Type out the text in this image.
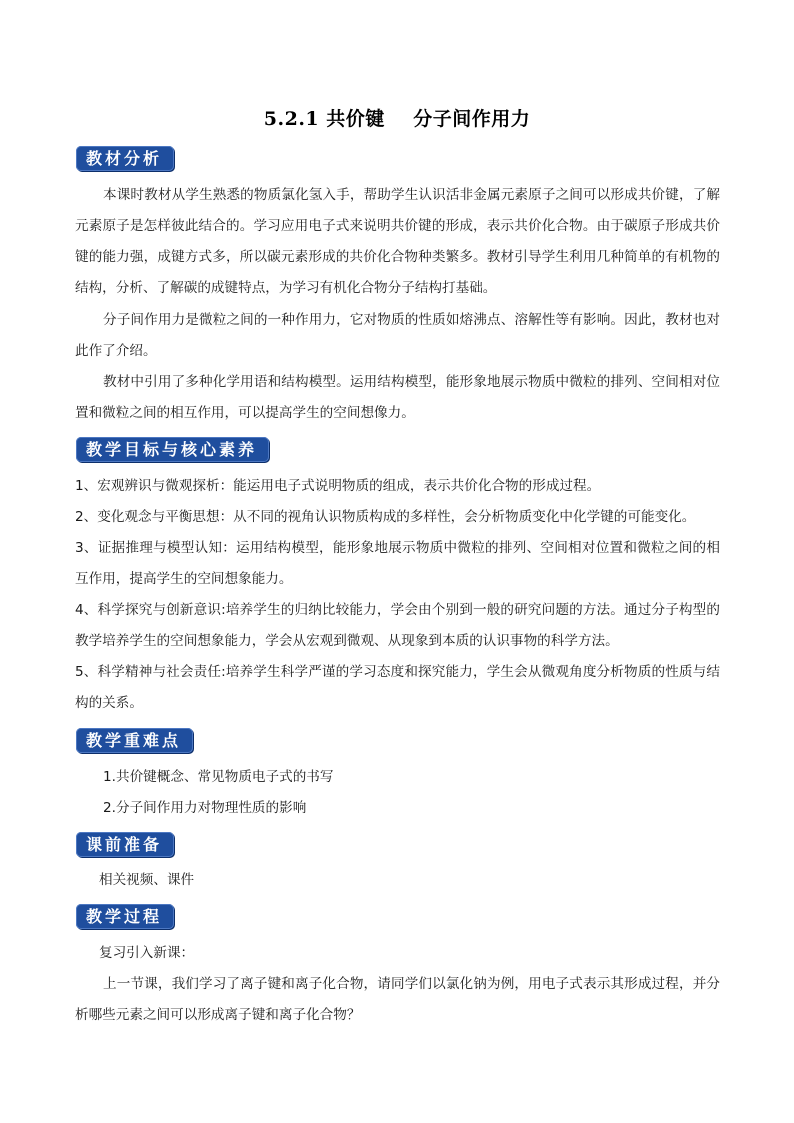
5.2.1 共价键    分子间作用力
教材分析

本课时教材从学生熟悉的物质氯化氢入手，帮助学生认识活非金属元素原子之间可以形成共价键，了解元素原子是怎样彼此结合的。学习应用电子式来说明共价键的形成，表示共价化合物。由于碳原子形成共价键的能力强，成键方式多，所以碳元素形成的共价化合物种类繁多。教材引导学生利用几种简单的有机物的结构，分析、了解碳的成键特点，为学习有机化合物分子结构打基础。

分子间作用力是微粒之间的一种作用力，它对物质的性质如熔沸点、溶解性等有影响。因此，教材也对此作了介绍。

教材中引用了多种化学用语和结构模型。运用结构模型，能形象地展示物质中微粒的排列、空间相对位置和微粒之间的相互作用，可以提高学生的空间想像力。

教学目标与核心素养

1、宏观辨识与微观探析：能运用电子式说明物质的组成，表示共价化合物的形成过程。

2、变化观念与平衡思想：从不同的视角认识物质构成的多样性，会分析物质变化中化学键的可能变化。

3、证据推理与模型认知：运用结构模型，能形象地展示物质中微粒的排列、空间相对位置和微粒之间的相互作用，提高学生的空间想象能力。

4、科学探究与创新意识:培养学生的归纳比较能力，学会由个别到一般的研究问题的方法。通过分子构型的教学培养学生的空间想象能力，学会从宏观到微观、从现象到本质的认识事物的科学方法。

5、科学精神与社会责任:培养学生科学严谨的学习态度和探究能力，学生会从微观角度分析物质的性质与结构的关系。

教学重难点

1.共价键概念、常见物质电子式的书写

2.分子间作用力对物理性质的影响

课前准备

相关视频、课件

教学过程

复习引入新课：

上一节课，我们学习了离子键和离子化合物，请同学们以氯化钠为例，用电子式表示其形成过程，并分析哪些元素之间可以形成离子键和离子化合物？
